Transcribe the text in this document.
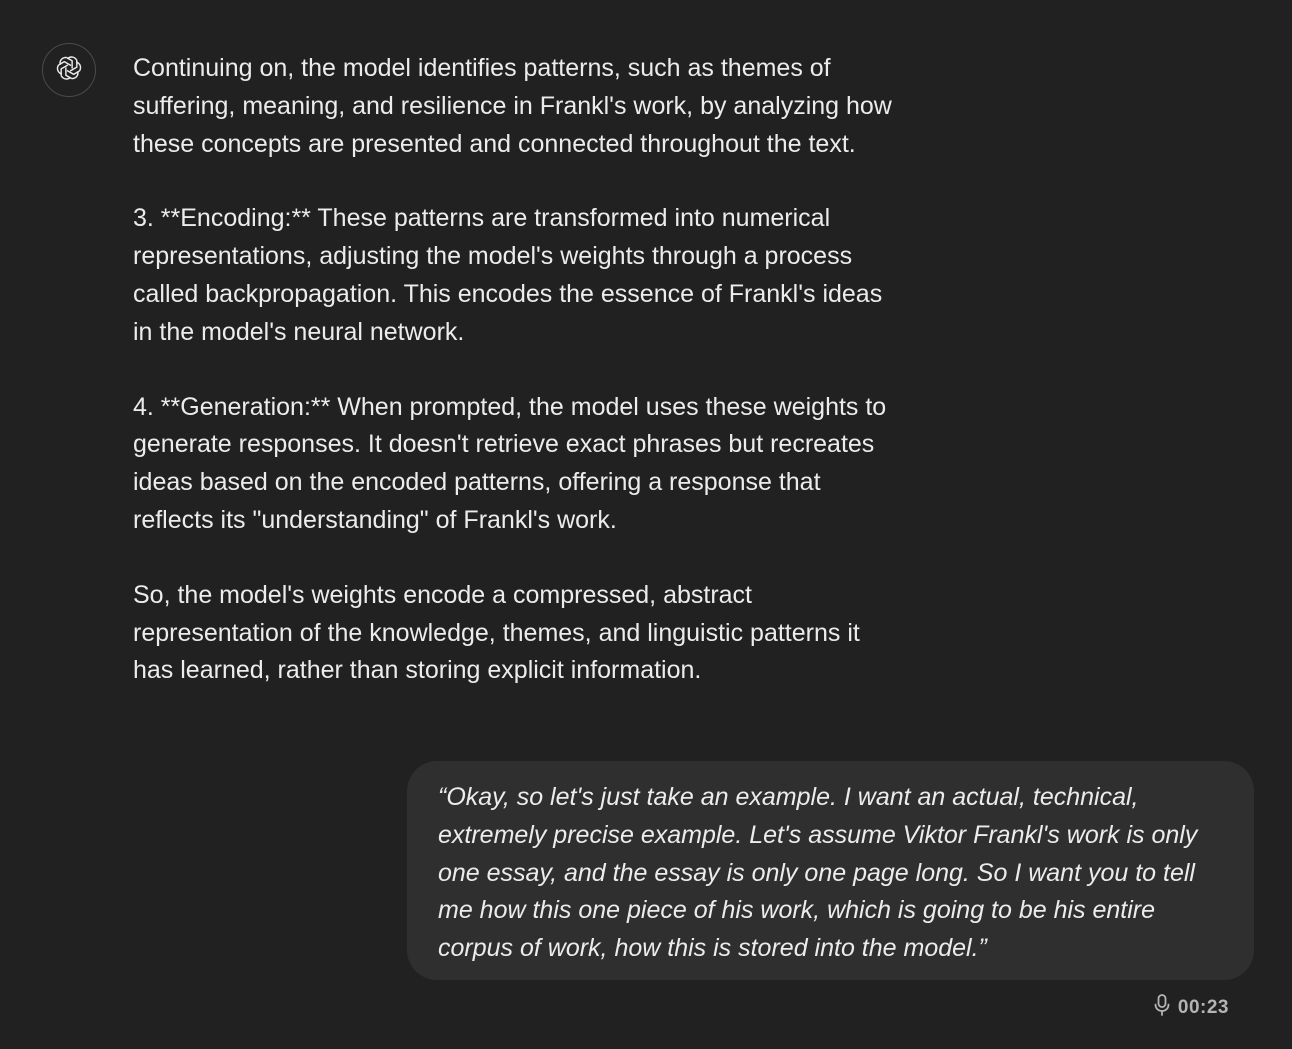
Continuing on, the model identifies patterns, such as themes of
suffering, meaning, and resilience in Frankl's work, by analyzing how
these concepts are presented and connected throughout the text.

3. **Encoding:** These patterns are transformed into numerical
representations, adjusting the model's weights through a process
called backpropagation. This encodes the essence of Frankl's ideas
in the model's neural network.

4. **Generation:** When prompted, the model uses these weights to
generate responses. It doesn't retrieve exact phrases but recreates
ideas based on the encoded patterns, offering a response that
reflects its "understanding" of Frankl's work.

So, the model's weights encode a compressed, abstract
representation of the knowledge, themes, and linguistic patterns it
has learned, rather than storing explicit information.

“Okay, so let's just take an example. I want an actual, technical,
extremely precise example. Let's assume Viktor Frankl's work is only
one essay, and the essay is only one page long. So I want you to tell
me how this one piece of his work, which is going to be his entire
corpus of work, how this is stored into the model.”

00:23
